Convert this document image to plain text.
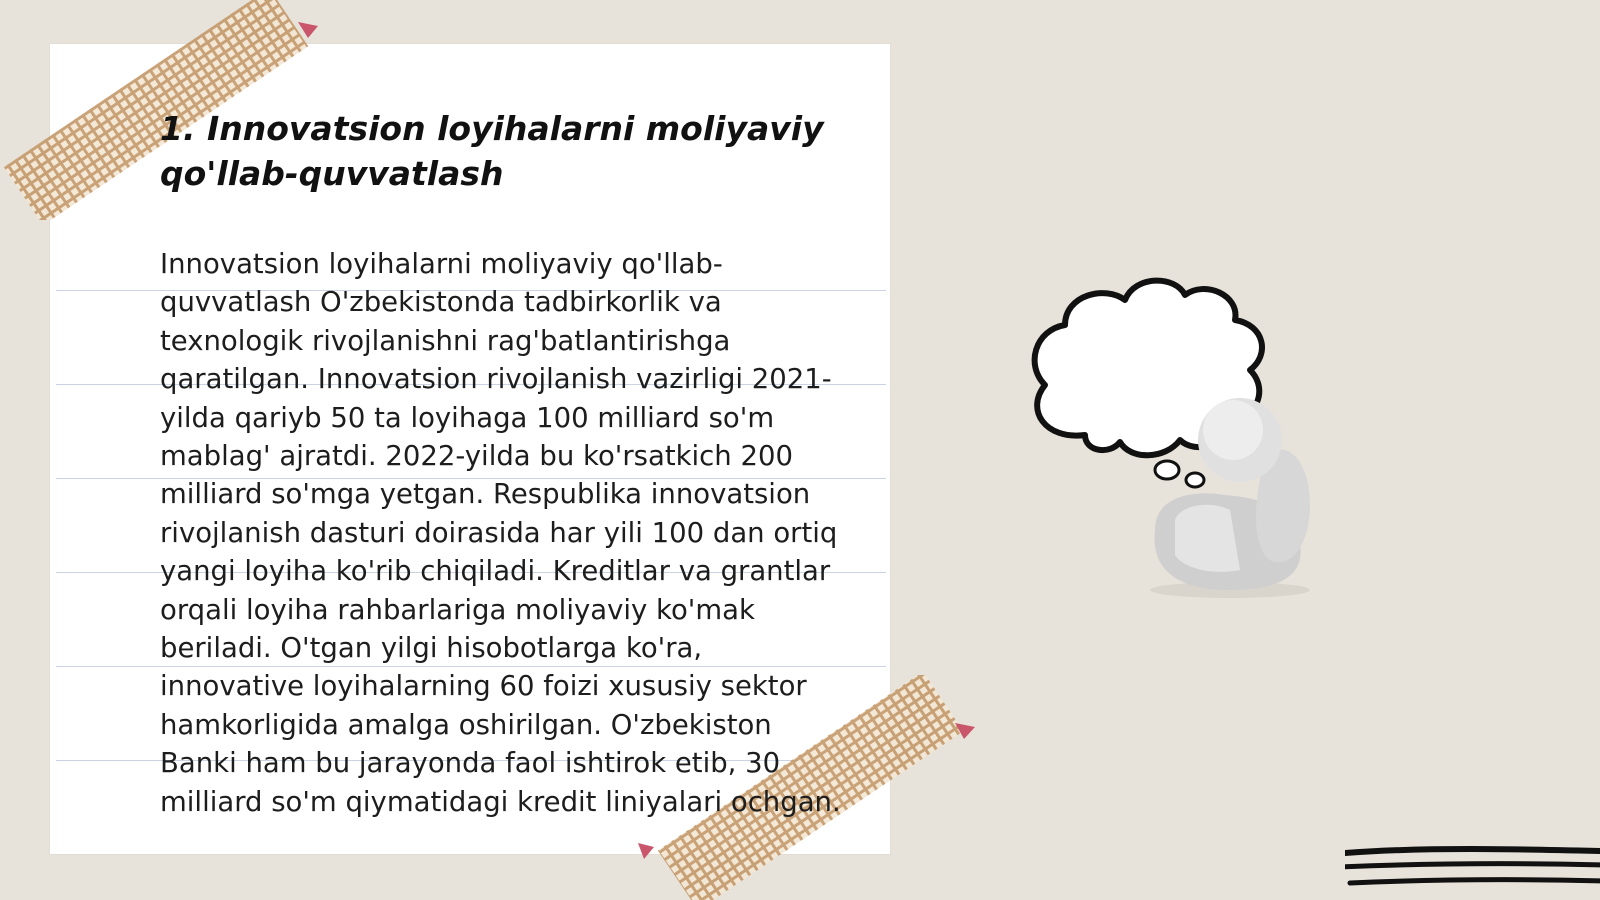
1. Innovatsion loyihalarni moliyaviy qo'llab-quvvatlash

Innovatsion loyihalarni moliyaviy qo'llab-quvvatlash O'zbekistonda tadbirkorlik va texnologik rivojlanishni rag'batlantirishga qaratilgan. Innovatsion rivojlanish vazirligi 2021-yilda qariyb 50 ta loyihaga 100 milliard so'm mablag' ajratdi. 2022-yilda bu ko'rsatkich 200 milliard so'mga yetgan. Respublika innovatsion rivojlanish dasturi doirasida har yili 100 dan ortiq yangi loyiha ko'rib chiqiladi. Kreditlar va grantlar orqali loyiha rahbarlariga moliyaviy ko'mak beriladi. O'tgan yilgi hisobotlarga ko'ra, innovative loyihalarning 60 foizi xususiy sektor hamkorligida amalga oshirilgan. O'zbekiston Banki ham bu jarayonda faol ishtirok etib, 30 milliard so'm qiymatidagi kredit liniyalari ochgan.
